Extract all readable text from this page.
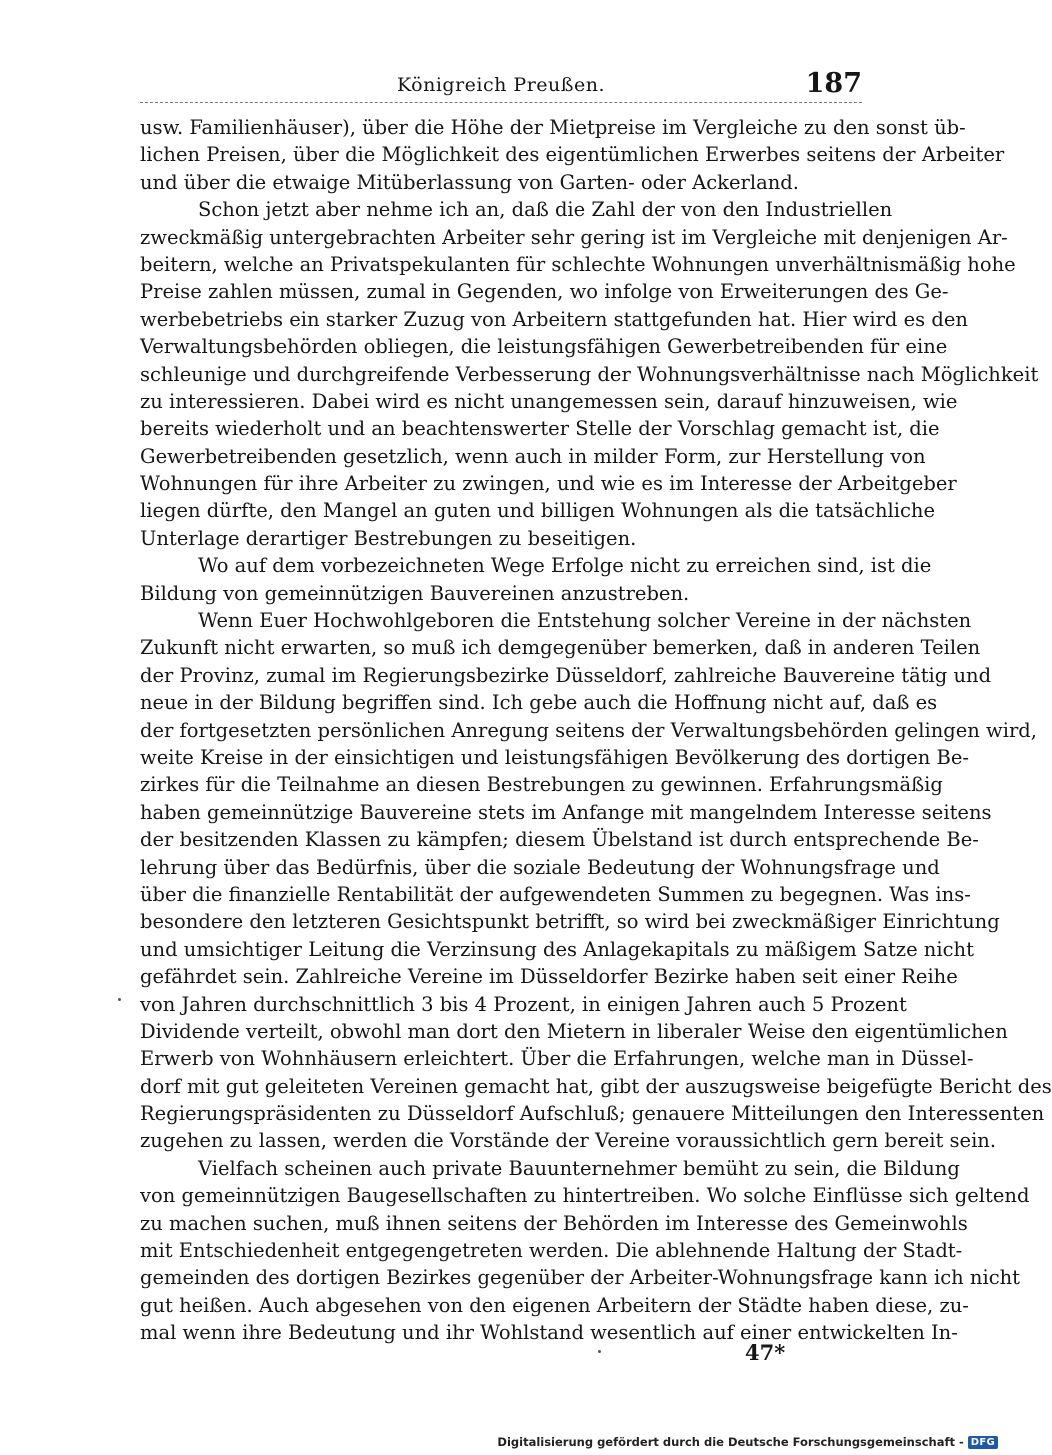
Königreich Preußen.	187
usw. Familienhäuser), über die Höhe der Mietpreise im Vergleiche zu den sonst üb-
lichen Preisen, über die Möglichkeit des eigentümlichen Erwerbes seitens der Arbeiter
und über die etwaige Mitüberlassung von Garten- oder Ackerland.
Schon jetzt aber nehme ich an, daß die Zahl der von den Industriellen
zweckmäßig untergebrachten Arbeiter sehr gering ist im Vergleiche mit denjenigen Ar-
beitern, welche an Privatspekulanten für schlechte Wohnungen unverhältnismäßig hohe
Preise zahlen müssen, zumal in Gegenden, wo infolge von Erweiterungen des Ge-
werbebetriebs ein starker Zuzug von Arbeitern stattgefunden hat. Hier wird es den
Verwaltungsbehörden obliegen, die leistungsfähigen Gewerbetreibenden für eine
schleunige und durchgreifende Verbesserung der Wohnungsverhältnisse nach Möglichkeit
zu interessieren. Dabei wird es nicht unangemessen sein, darauf hinzuweisen, wie
bereits wiederholt und an beachtenswerter Stelle der Vorschlag gemacht ist, die
Gewerbetreibenden gesetzlich, wenn auch in milder Form, zur Herstellung von
Wohnungen für ihre Arbeiter zu zwingen, und wie es im Interesse der Arbeitgeber
liegen dürfte, den Mangel an guten und billigen Wohnungen als die tatsächliche
Unterlage derartiger Bestrebungen zu beseitigen.
Wo auf dem vorbezeichneten Wege Erfolge nicht zu erreichen sind, ist die
Bildung von gemeinnützigen Bauvereinen anzustreben.
Wenn Euer Hochwohlgeboren die Entstehung solcher Vereine in der nächsten
Zukunft nicht erwarten, so muß ich demgegenüber bemerken, daß in anderen Teilen
der Provinz, zumal im Regierungsbezirke Düsseldorf, zahlreiche Bauvereine tätig und
neue in der Bildung begriffen sind. Ich gebe auch die Hoffnung nicht auf, daß es
der fortgesetzten persönlichen Anregung seitens der Verwaltungsbehörden gelingen wird,
weite Kreise in der einsichtigen und leistungsfähigen Bevölkerung des dortigen Be-
zirkes für die Teilnahme an diesen Bestrebungen zu gewinnen. Erfahrungsmäßig
haben gemeinnützige Bauvereine stets im Anfange mit mangelndem Interesse seitens
der besitzenden Klassen zu kämpfen; diesem Übelstand ist durch entsprechende Be-
lehrung über das Bedürfnis, über die soziale Bedeutung der Wohnungsfrage und
über die finanzielle Rentabilität der aufgewendeten Summen zu begegnen. Was ins-
besondere den letzteren Gesichtspunkt betrifft, so wird bei zweckmäßiger Einrichtung
und umsichtiger Leitung die Verzinsung des Anlagekapitals zu mäßigem Satze nicht
gefährdet sein. Zahlreiche Vereine im Düsseldorfer Bezirke haben seit einer Reihe
von Jahren durchschnittlich 3 bis 4 Prozent, in einigen Jahren auch 5 Prozent
Dividende verteilt, obwohl man dort den Mietern in liberaler Weise den eigentümlichen
Erwerb von Wohnhäusern erleichtert. Über die Erfahrungen, welche man in Düssel-
dorf mit gut geleiteten Vereinen gemacht hat, gibt der auszugsweise beigefügte Bericht des
Regierungspräsidenten zu Düsseldorf Aufschluß; genauere Mitteilungen den Interessenten
zugehen zu lassen, werden die Vorstände der Vereine voraussichtlich gern bereit sein.
Vielfach scheinen auch private Bauunternehmer bemüht zu sein, die Bildung
von gemeinnützigen Baugesellschaften zu hintertreiben. Wo solche Einflüsse sich geltend
zu machen suchen, muß ihnen seitens der Behörden im Interesse des Gemeinwohls
mit Entschiedenheit entgegengetreten werden. Die ablehnende Haltung der Stadt-
gemeinden des dortigen Bezirkes gegenüber der Arbeiter-Wohnungsfrage kann ich nicht
gut heißen. Auch abgesehen von den eigenen Arbeitern der Städte haben diese, zu-
mal wenn ihre Bedeutung und ihr Wohlstand wesentlich auf einer entwickelten In-
47*
Digitalisierung gefördert durch die Deutsche Forschungsgemeinschaft - DFG
